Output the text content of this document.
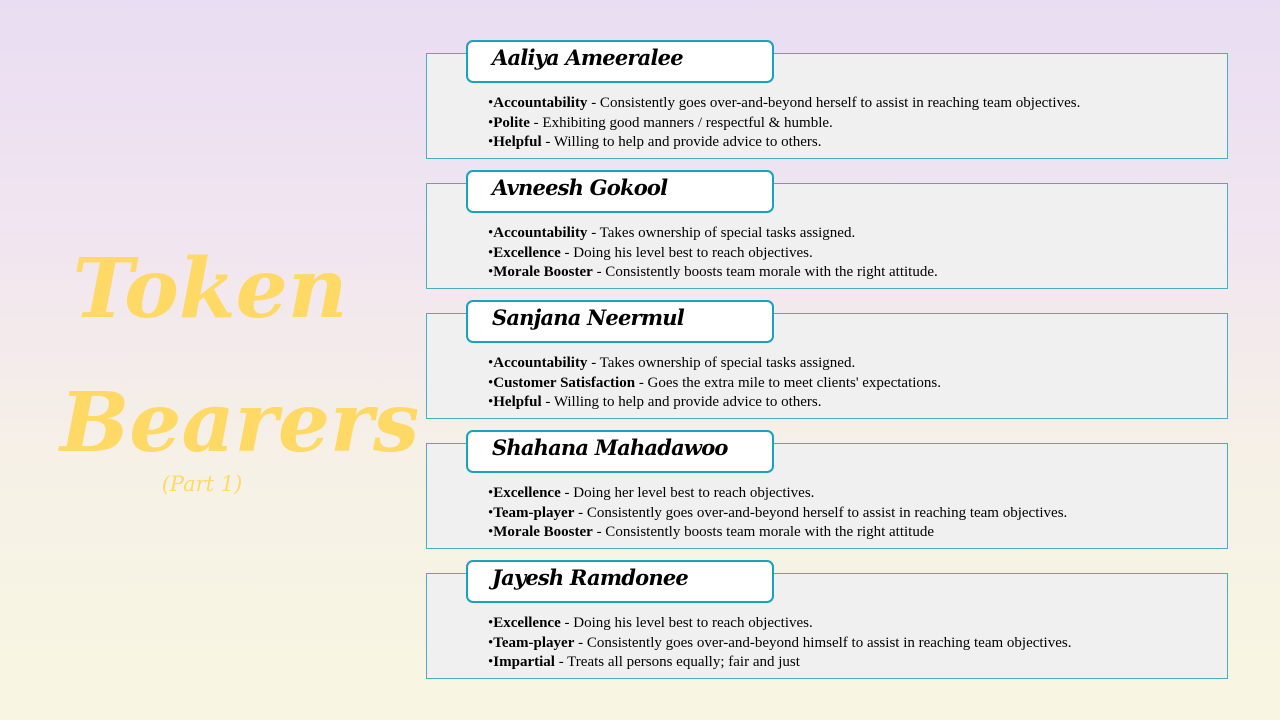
Token
Bearers
(Part 1)
Aaliya Ameeralee
•Accountability - Consistently goes over-and-beyond herself to assist in reaching team objectives.
•Polite - Exhibiting good manners / respectful & humble.
•Helpful - Willing to help and provide advice to others.
Avneesh Gokool
•Accountability - Takes ownership of special tasks assigned.
•Excellence - Doing his level best to reach objectives.
•Morale Booster - Consistently boosts team morale with the right attitude.
Sanjana Neermul
•Accountability - Takes ownership of special tasks assigned.
•Customer Satisfaction - Goes the extra mile to meet clients' expectations.
•Helpful - Willing to help and provide advice to others.
Shahana Mahadawoo
•Excellence - Doing her level best to reach objectives.
•Team-player - Consistently goes over-and-beyond herself to assist in reaching team objectives.
•Morale Booster - Consistently boosts team morale with the right attitude
Jayesh Ramdonee
•Excellence - Doing his level best to reach objectives.
•Team-player - Consistently goes over-and-beyond himself to assist in reaching team objectives.
•Impartial - Treats all persons equally; fair and just
